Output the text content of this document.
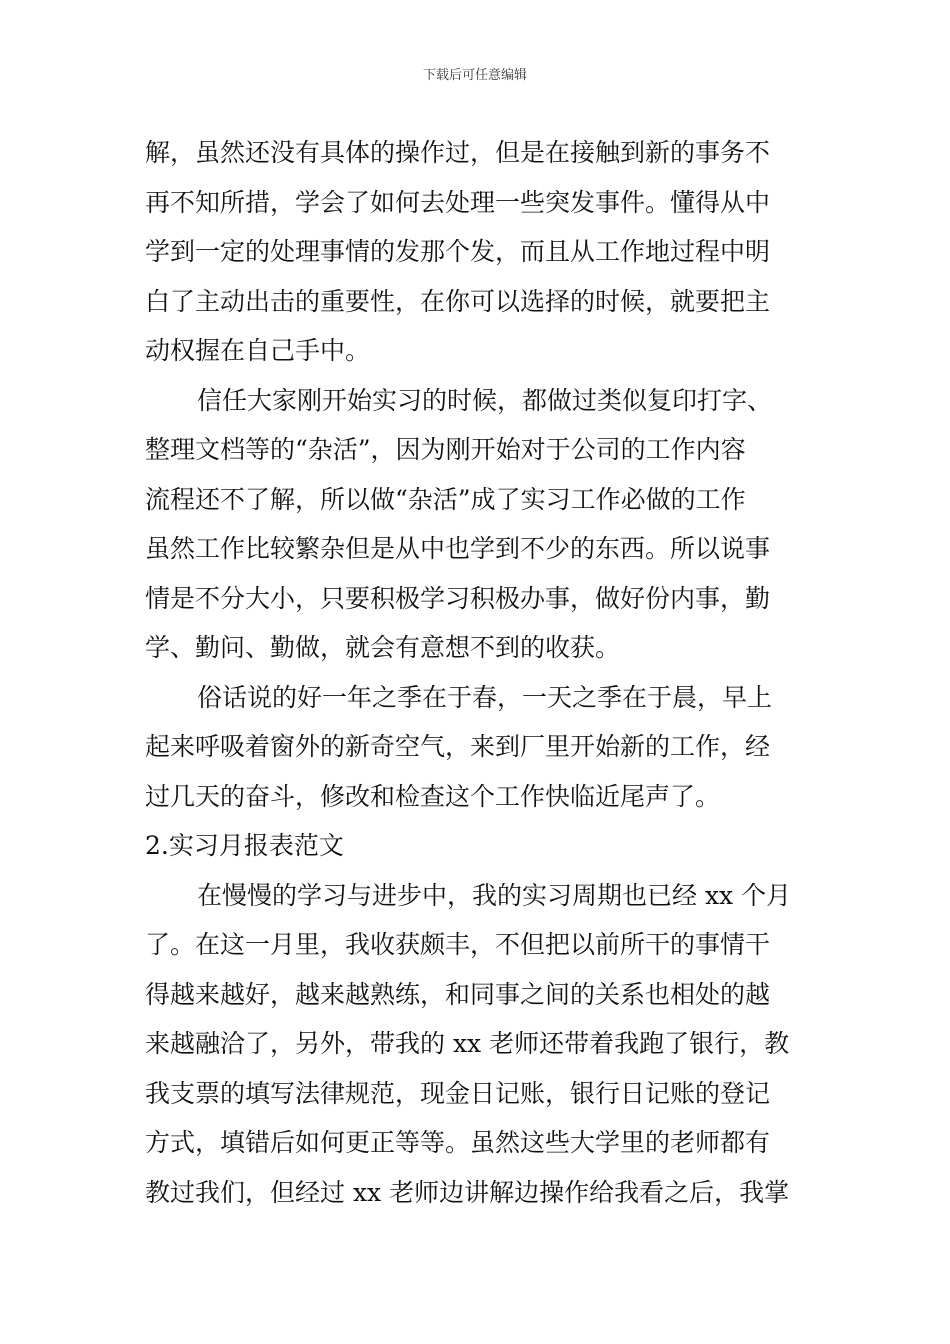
下载后可任意编辑
解，虽然还没有具体的操作过，但是在接触到新的事务不
再不知所措，学会了如何去处理一些突发事件。懂得从中
学到一定的处理事情的发那个发，而且从工作地过程中明
白了主动出击的重要性，在你可以选择的时候，就要把主
动权握在自己手中。
信任大家刚开始实习的时候，都做过类似复印打字、
整理文档等的“杂活”，因为刚开始对于公司的工作内容
流程还不了解，所以做“杂活”成了实习工作必做的工作
虽然工作比较繁杂但是从中也学到不少的东西。所以说事
情是不分大小，只要积极学习积极办事，做好份内事，勤
学、勤问、勤做，就会有意想不到的收获。
俗话说的好一年之季在于春，一天之季在于晨，早上
起来呼吸着窗外的新奇空气，来到厂里开始新的工作，经
过几天的奋斗，修改和检查这个工作快临近尾声了。
2.实习月报表范文
在慢慢的学习与进步中，我的实习周期也已经 xx 个月
了。在这一月里，我收获颇丰，不但把以前所干的事情干
得越来越好，越来越熟练，和同事之间的关系也相处的越
来越融洽了，另外，带我的 xx 老师还带着我跑了银行，教
我支票的填写法律规范，现金日记账，银行日记账的登记
方式，填错后如何更正等等。虽然这些大学里的老师都有
教过我们，但经过 xx 老师边讲解边操作给我看之后，我掌
